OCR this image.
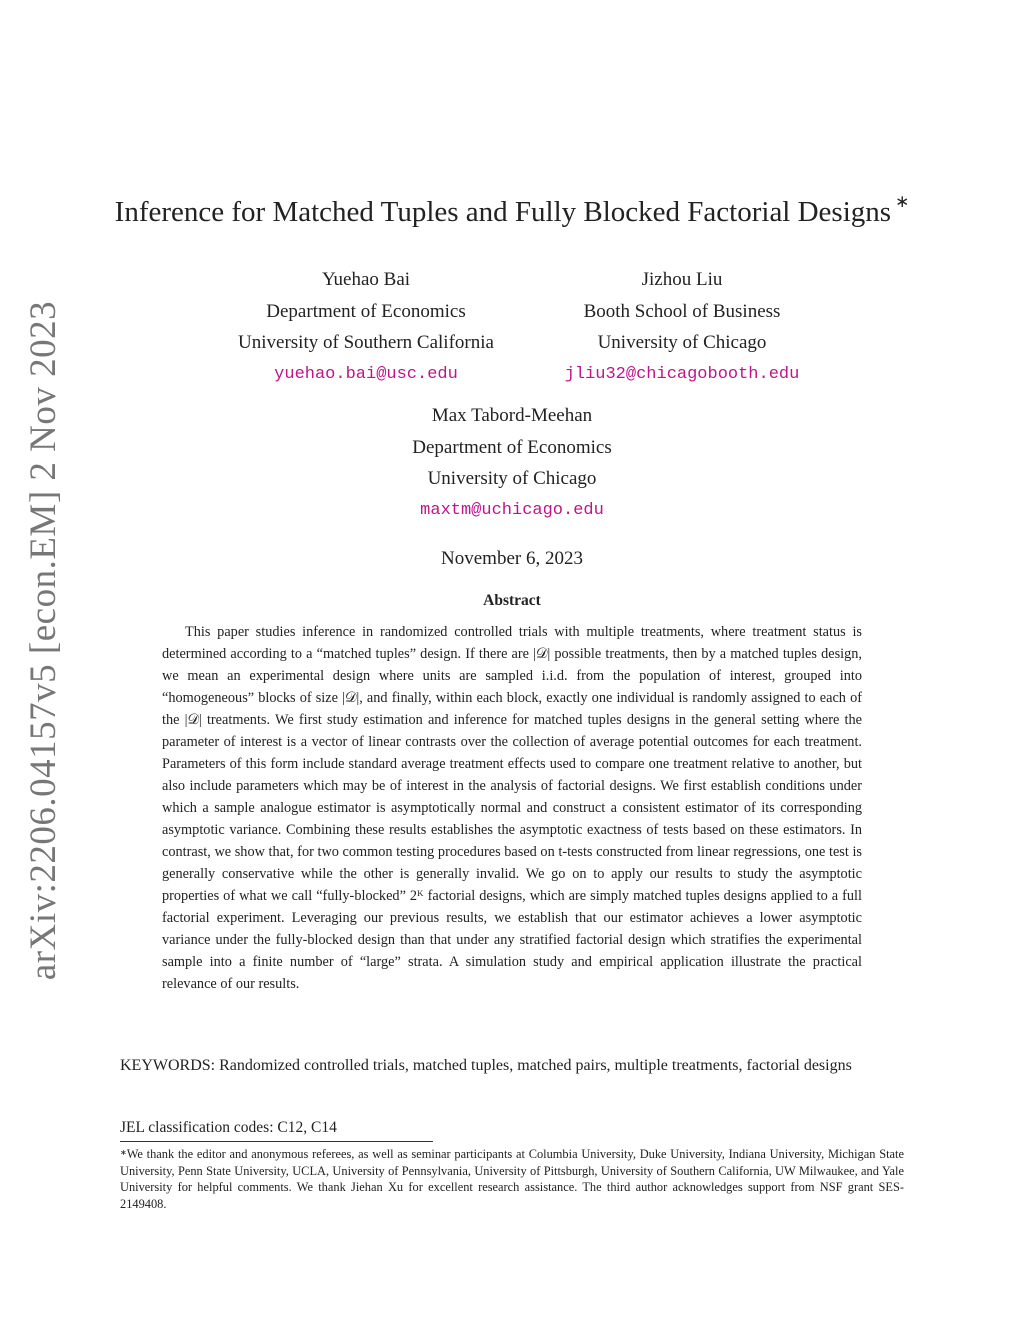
arXiv:2206.04157v5 [econ.EM] 2 Nov 2023
Inference for Matched Tuples and Fully Blocked Factorial Designs ∗
Yuehao Bai
Department of Economics
University of Southern California
yuehao.bai@usc.edu
Jizhou Liu
Booth School of Business
University of Chicago
jliu32@chicagobooth.edu
Max Tabord-Meehan
Department of Economics
University of Chicago
maxtm@uchicago.edu
November 6, 2023
Abstract

This paper studies inference in randomized controlled trials with multiple treatments, where treatment status is determined according to a “matched tuples” design. If there are |𝒟| possible treatments, then by a matched tuples design, we mean an experimental design where units are sampled i.i.d. from the population of interest, grouped into “homogeneous” blocks of size |𝒟|, and finally, within each block, exactly one individual is randomly assigned to each of the |𝒟| treatments. We first study estimation and inference for matched tuples designs in the general setting where the parameter of interest is a vector of linear contrasts over the collection of average potential outcomes for each treatment. Parameters of this form include standard average treatment effects used to compare one treatment relative to another, but also include parameters which may be of interest in the analysis of factorial designs. We first establish conditions under which a sample analogue estimator is asymptotically normal and construct a consistent estimator of its corresponding asymptotic variance. Combining these results establishes the asymptotic exactness of tests based on these estimators. In contrast, we show that, for two common testing procedures based on t-tests constructed from linear regressions, one test is generally conservative while the other is generally invalid. We go on to apply our results to study the asymptotic properties of what we call “fully-blocked” 2ᴷ factorial designs, which are simply matched tuples designs applied to a full factorial experiment. Leveraging our previous results, we establish that our estimator achieves a lower asymptotic variance under the fully-blocked design than that under any stratified factorial design which stratifies the experimental sample into a finite number of “large” strata. A simulation study and empirical application illustrate the practical relevance of our results.

KEYWORDS: Randomized controlled trials, matched tuples, matched pairs, multiple treatments, factorial designs

JEL classification codes: C12, C14

∗We thank the editor and anonymous referees, as well as seminar participants at Columbia University, Duke University, Indiana University, Michigan State University, Penn State University, UCLA, University of Pennsylvania, University of Pittsburgh, University of Southern California, UW Milwaukee, and Yale University for helpful comments. We thank Jiehan Xu for excellent research assistance. The third author acknowledges support from NSF grant SES-2149408.
